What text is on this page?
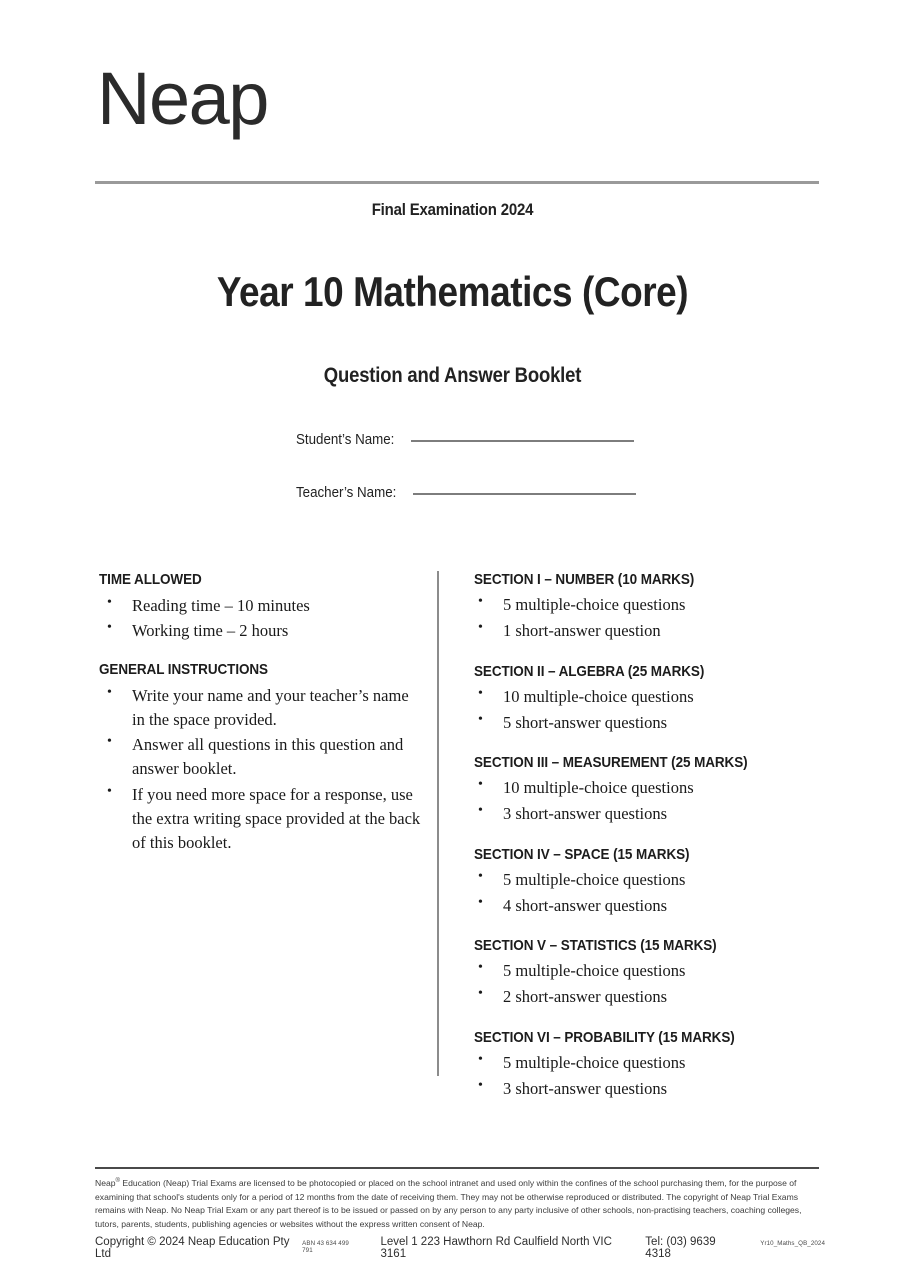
Neap
Final Examination 2024
Year 10 Mathematics (Core)
Question and Answer Booklet
Student’s Name:
Teacher’s Name:
TIME ALLOWED
• Reading time – 10 minutes
• Working time – 2 hours
GENERAL INSTRUCTIONS
• Write your name and your teacher’s name in the space provided.
• Answer all questions in this question and answer booklet.
• If you need more space for a response, use the extra writing space provided at the back of this booklet.
SECTION I – NUMBER (10 MARKS)
• 5 multiple-choice questions
• 1 short-answer question
SECTION II – ALGEBRA (25 MARKS)
• 10 multiple-choice questions
• 5 short-answer questions
SECTION III – MEASUREMENT (25 MARKS)
• 10 multiple-choice questions
• 3 short-answer questions
SECTION IV – SPACE (15 MARKS)
• 5 multiple-choice questions
• 4 short-answer questions
SECTION V – STATISTICS (15 MARKS)
• 5 multiple-choice questions
• 2 short-answer questions
SECTION VI – PROBABILITY (15 MARKS)
• 5 multiple-choice questions
• 3 short-answer questions

Neap® Education (Neap) Trial Exams are licensed to be photocopied or placed on the school intranet and used only within the confines of the school purchasing them, for the purpose of examining that school's students only for a period of 12 months from the date of receiving them. They may not be otherwise reproduced or distributed. The copyright of Neap Trial Exams remains with Neap. No Neap Trial Exam or any part thereof is to be issued or passed on by any person to any party inclusive of other schools, non-practising teachers, coaching colleges, tutors, parents, students, publishing agencies or websites without the express written consent of Neap.

Copyright © 2024 Neap Education Pty Ltd
ABN 43 634 499 791
Level 1 223 Hawthorn Rd Caulfield North VIC 3161
Tel: (03) 9639 4318
Yr10_Maths_QB_2024
